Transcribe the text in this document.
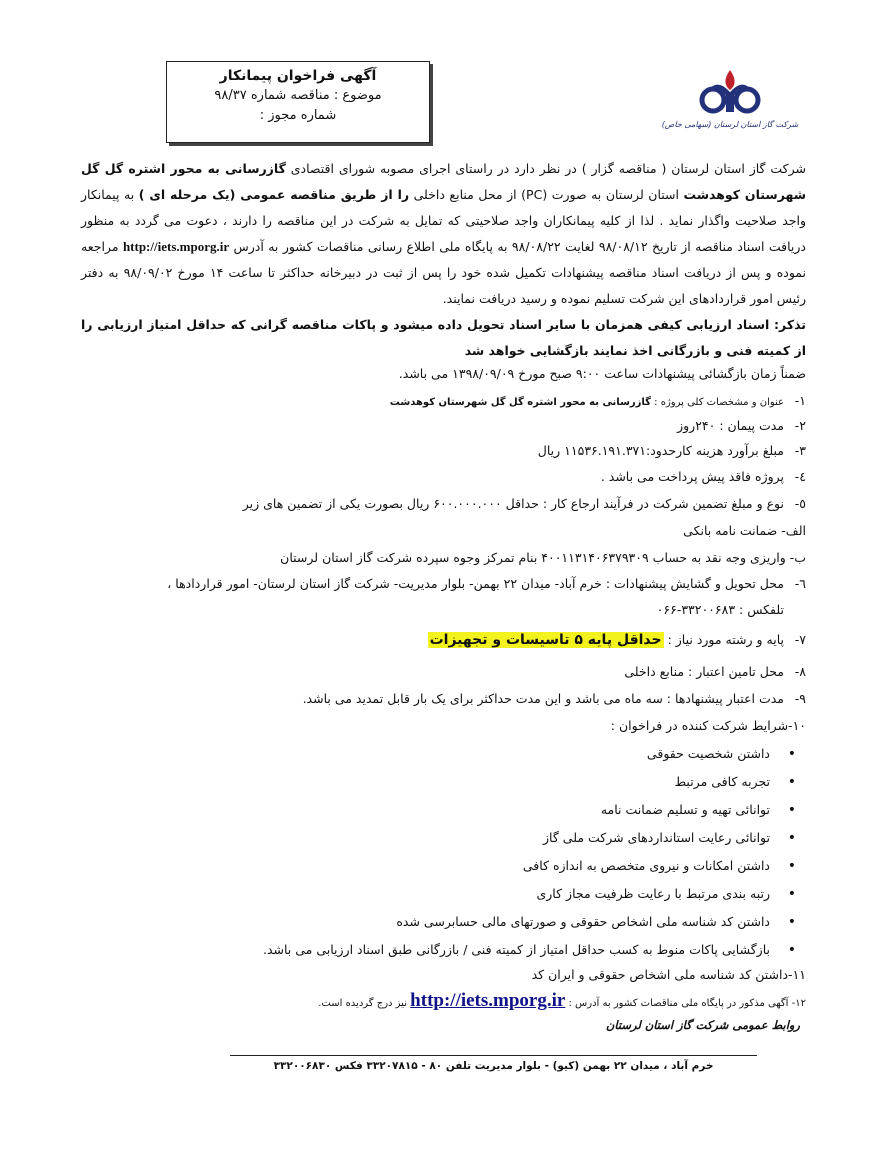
آگهی فراخوان پیمانکار
موضوع : مناقصه شماره ۹۸/۳۷
شماره مجوز :
شرکت گاز استان لرستان (سهامی خاص)
شرکت گاز استان لرستان ( مناقصه گزار ) در نظر دارد در راستای اجرای مصوبه شورای اقتصادی گازرسانی به محور اشتره گل گل شهرستان کوهدشت استان لرستان به صورت (PC) از محل منابع داخلی را از طریق مناقصه عمومی (یک مرحله ای ) به پیمانکار واجد صلاحیت واگذار نماید . لذا از کلیه پیمانکاران واجد صلاحیتی که تمایل به شرکت در این مناقصه را دارند ، دعوت می گردد به منظور دریافت اسناد مناقصه از تاریخ ۹۸/۰۸/۱۲ لغایت ۹۸/۰۸/۲۲ به پایگاه ملی اطلاع رسانی مناقصات کشور به آدرس http://iets.mporg.ir مراجعه نموده و پس از دریافت اسناد مناقصه پیشنهادات تکمیل شده خود را پس از ثبت در دبیرخانه حداکثر تا ساعت ۱۴ مورخ ۹۸/۰۹/۰۲ به دفتر رئیس امور قراردادهای این شرکت تسلیم نموده و رسید دریافت نمایند.
تذکر: اسناد ارزیابی کیفی همزمان با سایر اسناد تحویل داده میشود و پاکات مناقصه گرانی که حداقل امتیاز ارزیابی را از کمیته فنی و بازرگانی اخذ نمایند بازگشایی خواهد شد
ضمناً زمان بازگشائی پیشنهادات ساعت ۹:۰۰ صبح مورخ ۱۳۹۸/۰۹/۰۹ می باشد.
۱-عنوان و مشخصات کلی پروژه : گازرسانی به محور اشتره گل گل شهرستان کوهدشت
۲-مدت پیمان : ۲۴۰روز
۳-مبلغ برآورد هزینه کارحدود:۱۱۵۳۶.۱۹۱.۳۷۱ ریال
٤-پروژه فاقد پیش پرداخت می باشد .
٥-نوع و مبلغ تضمین شرکت در فرآیند ارجاع کار : حداقل ۶۰۰.۰۰۰.۰۰۰ ریال بصورت یکی از تضمین های زیر
الف- ضمانت نامه بانکی
ب- واریزی وجه نقد به حساب ۴۰۰۱۱۳۱۴۰۶۳۷۹۳۰۹ بنام تمرکز وجوه سپرده شرکت گاز استان لرستان
٦-محل تحویل و گشایش پیشنهادات : خرم آباد- میدان ۲۲ بهمن- بلوار مدیریت- شرکت گاز استان لرستان- امور قراردادها ،
تلفکس : ۳۳۲۰۰۶۸۳-۰۶۶
۷-پایه و رشته مورد نیاز : حداقل پایه ۵ تاسیسات و تجهیزات
۸-محل تامین اعتبار : منابع داخلی
۹-مدت اعتبار پیشنهادها : سه ماه می باشد و این مدت حداکثر برای یک بار قابل تمدید می باشد.
۱۰-شرایط شرکت کننده در فراخوان :
•داشتن شخصیت حقوقی
•تجربه کافی مرتبط
•توانائی تهیه و تسلیم ضمانت نامه
•توانائی رعایت استانداردهای شرکت ملی گاز
•داشتن امکانات و نیروی متخصص به اندازه کافی
•رتبه بندی مرتبط با رعایت ظرفیت مجاز کاری
•داشتن کد شناسه ملی اشخاص حقوقی و صورتهای مالی حسابرسی شده
•بازگشایی پاکات منوط به کسب حداقل امتیاز از کمیته فنی / بازرگانی طبق اسناد ارزیابی می باشد.
۱۱-داشتن کد شناسه ملی اشخاص حقوقی و ایران کد
۱۲- آگهی مذکور در پایگاه ملی مناقصات کشور به آدرس : http://iets.mporg.ir نیز درج گردیده است.
روابط عمومی شرکت گاز استان لرستان
خرم آباد ، میدان ۲۲ بهمن (کیو) - بلوار مدیریت تلفن ۸۰ - ۳۳۲۰۷۸۱۵ فکس ۳۳۲۰۰۶۸۳۰
